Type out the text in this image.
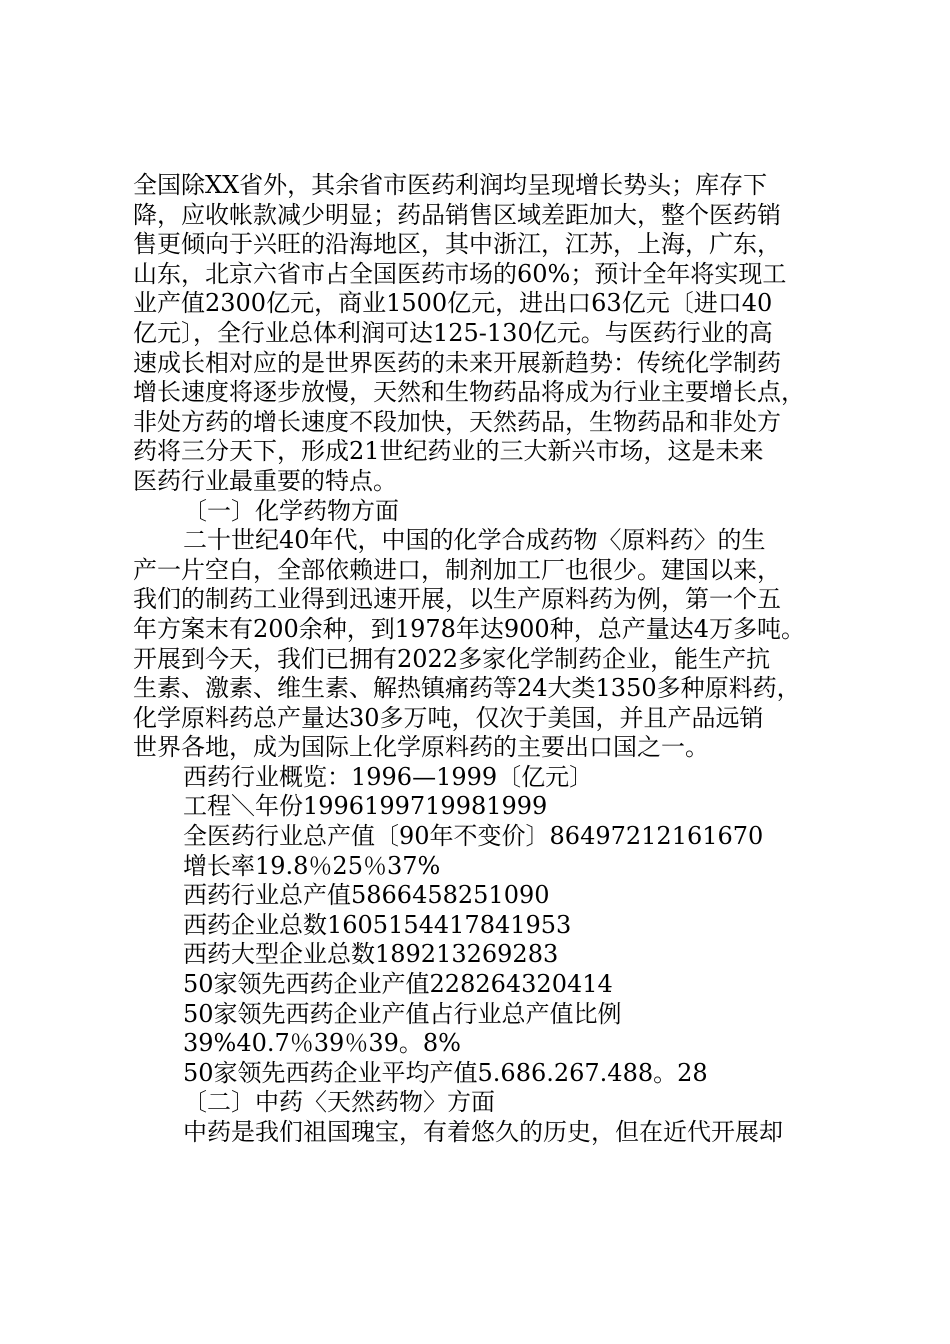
全国除XX省外，其余省市医药利润均呈现增长势头；库存下
降，应收帐款减少明显；药品销售区域差距加大，整个医药销
售更倾向于兴旺的沿海地区，其中浙江，江苏，上海，广东，
山东，北京六省市占全国医药市场的60%；预计全年将实现工
业产值2300亿元，商业1500亿元，进出口63亿元〔进口40
亿元〕，全行业总体利润可达125-130亿元。与医药行业的高
速成长相对应的是世界医药的未来开展新趋势：传统化学制药
增长速度将逐步放慢，天然和生物药品将成为行业主要增长点，
非处方药的增长速度不段加快，天然药品，生物药品和非处方
药将三分天下，形成21世纪药业的三大新兴市场，这是未来
医药行业最重要的特点。
〔一〕化学药物方面
二十世纪40年代，中国的化学合成药物〈原料药〉的生
产一片空白，全部依赖进口，制剂加工厂也很少。建国以来，
我们的制药工业得到迅速开展，以生产原料药为例，第一个五
年方案末有200余种，到1978年达900种，总产量达4万多吨。
开展到今天，我们已拥有2022多家化学制药企业，能生产抗
生素、激素、维生素、解热镇痛药等24大类1350多种原料药，
化学原料药总产量达30多万吨，仅次于美国，并且产品远销
世界各地，成为国际上化学原料药的主要出口国之一。
西药行业概览：1996—1999〔亿元〕
工程＼年份1996199719981999
全医药行业总产值〔90年不变价〕86497212161670
增长率19.8％25％37%
西药行业总产值5866458251090
西药企业总数1605154417841953
西药大型企业总数189213269283
50家领先西药企业产值228264320414
50家领先西药企业产值占行业总产值比例
39%40.7％39％39。8%
50家领先西药企业平均产值5.686.267.488。28
〔二〕中药〈天然药物〉方面
中药是我们祖国瑰宝，有着悠久的历史，但在近代开展却
